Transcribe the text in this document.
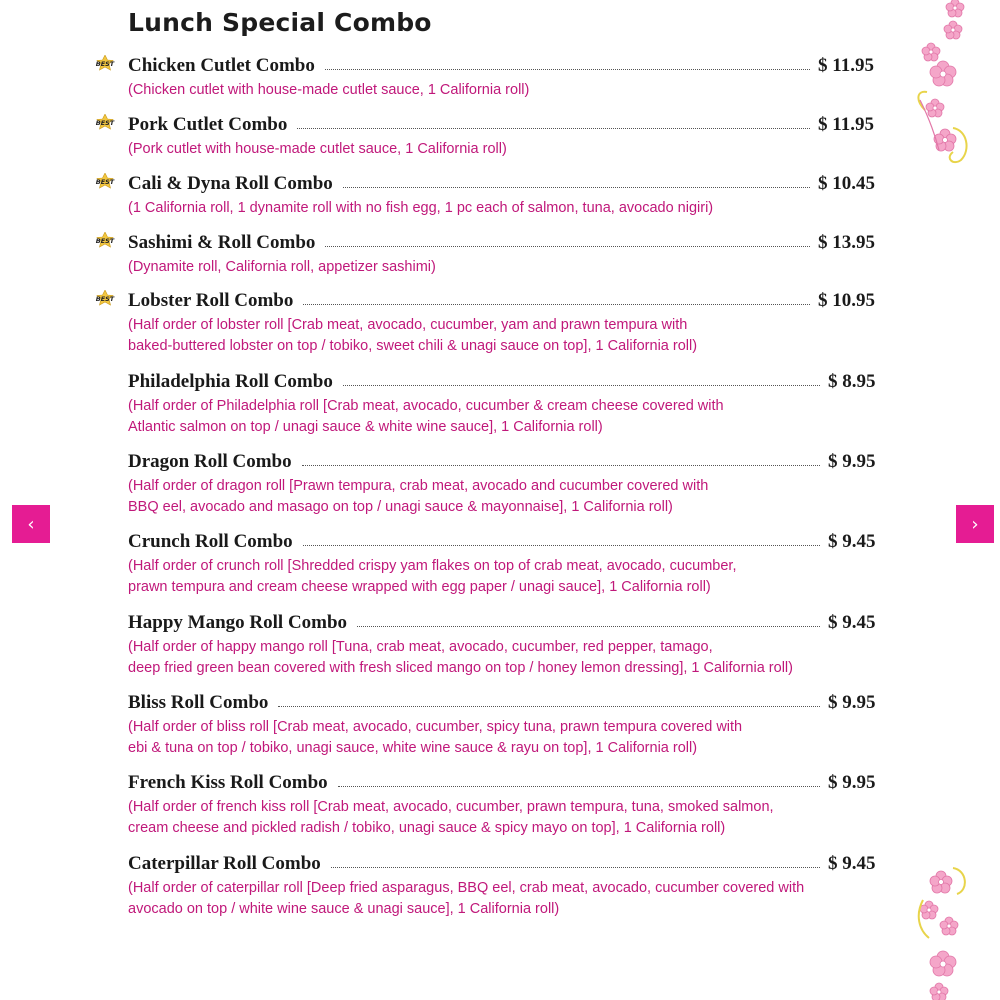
Lunch Special Combo
BEST Chicken Cutlet Combo	$ 11.95
(Chicken cutlet with house-made cutlet sauce, 1 California roll)
BEST Pork Cutlet Combo	$ 11.95
(Pork cutlet with house-made cutlet sauce, 1 California roll)
BEST Cali & Dyna Roll Combo	$ 10.45
(1 California roll, 1 dynamite roll with no fish egg, 1 pc each of salmon, tuna, avocado nigiri)
BEST Sashimi & Roll Combo	$ 13.95
(Dynamite roll, California roll, appetizer sashimi)
BEST Lobster Roll Combo	$ 10.95
(Half order of lobster roll [Crab meat, avocado, cucumber, yam and prawn tempura with
baked-buttered lobster on top / tobiko, sweet chili & unagi sauce on top], 1 California roll)
Philadelphia Roll Combo	$ 8.95
(Half order of Philadelphia roll [Crab meat, avocado, cucumber & cream cheese covered with
Atlantic salmon on top / unagi sauce & white wine sauce], 1 California roll)
Dragon Roll Combo	$ 9.95
(Half order of dragon roll [Prawn tempura, crab meat, avocado and cucumber covered with
BBQ eel, avocado and masago on top / unagi sauce & mayonnaise], 1 California roll)
Crunch Roll Combo	$ 9.45
(Half order of crunch roll [Shredded crispy yam flakes on top of crab meat, avocado, cucumber,
prawn tempura and cream cheese wrapped with egg paper / unagi sauce], 1 California roll)
Happy Mango Roll Combo	$ 9.45
(Half order of happy mango roll [Tuna, crab meat, avocado, cucumber, red pepper, tamago,
deep fried green bean covered with fresh sliced mango on top / honey lemon dressing], 1 California roll)
Bliss Roll Combo	$ 9.95
(Half order of bliss roll [Crab meat, avocado, cucumber, spicy tuna, prawn tempura covered with
ebi & tuna on top / tobiko, unagi sauce, white wine sauce & rayu on top], 1 California roll)
French Kiss Roll Combo	$ 9.95
(Half order of french kiss roll [Crab meat, avocado, cucumber, prawn tempura, tuna, smoked salmon,
cream cheese and pickled radish / tobiko, unagi sauce & spicy mayo on top], 1 California roll)
Caterpillar Roll Combo	$ 9.45
(Half order of caterpillar roll [Deep fried asparagus, BBQ eel, crab meat, avocado, cucumber covered with
avocado on top / white wine sauce & unagi sauce], 1 California roll)
‹	›
